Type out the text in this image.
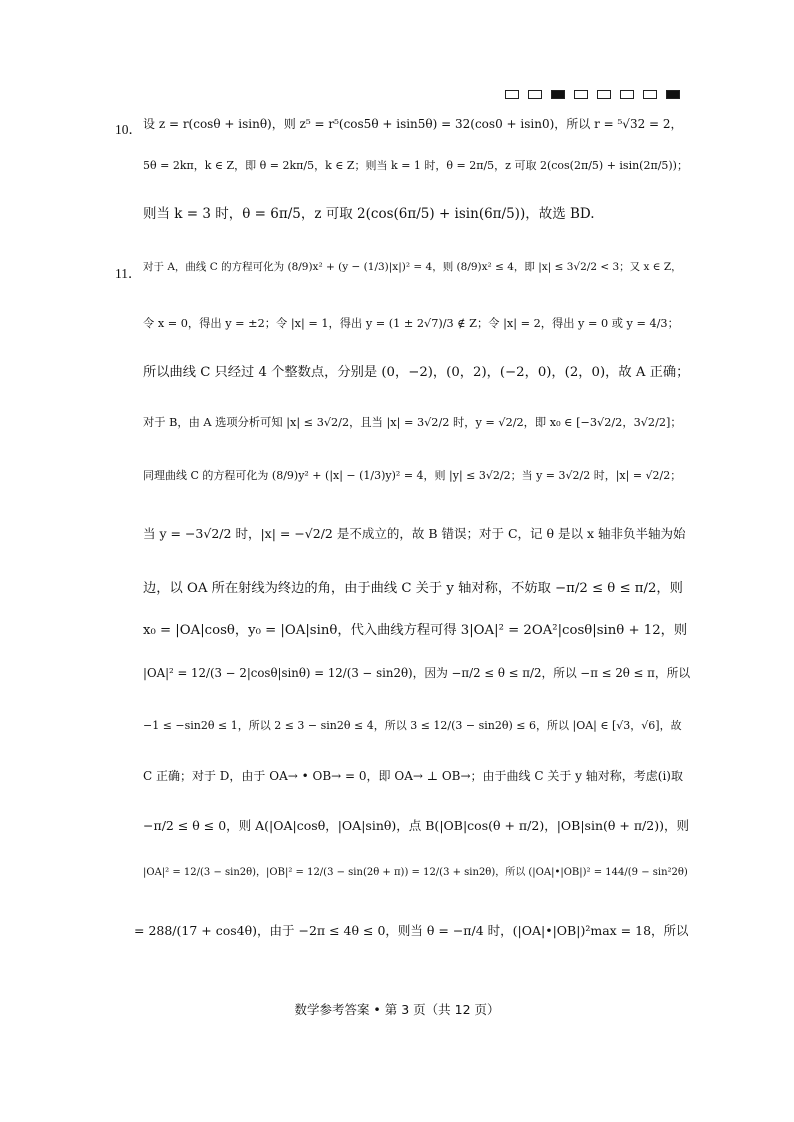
10． 设 z = r(cosθ + isinθ)，则 z⁵ = r⁵(cos5θ + isin5θ) = 32(cos0 + isin0)，所以 r = ⁵√32 = 2，
5θ = 2kπ，k ∈ Z，即 θ = 2kπ/5，k ∈ Z；则当 k = 1 时，θ = 2π/5，z 可取 2(cos(2π/5) + isin(2π/5))；
则当 k = 3 时，θ = 6π/5，z 可取 2(cos(6π/5) + isin(6π/5))，故选 BD.
11． 对于 A，曲线 C 的方程可化为 (8/9)x² + (y − (1/3)|x|)² = 4，则 (8/9)x² ≤ 4，即 |x| ≤ 3√2/2 < 3；又 x ∈ Z，
令 x = 0，得出 y = ±2；令 |x| = 1，得出 y = (1 ± 2√7)/3 ∉ Z；令 |x| = 2，得出 y = 0 或 y = 4/3；
所以曲线 C 只经过 4 个整数点，分别是 (0，−2)，(0，2)，(−2，0)，(2，0)，故 A 正确；
对于 B，由 A 选项分析可知 |x| ≤ 3√2/2，且当 |x| = 3√2/2 时，y = √2/2，即 x₀ ∈ [−3√2/2，3√2/2]；
同理曲线 C 的方程可化为 (8/9)y² + (|x| − (1/3)y)² = 4，则 |y| ≤ 3√2/2；当 y = 3√2/2 时，|x| = √2/2；
当 y = −3√2/2 时，|x| = −√2/2 是不成立的，故 B 错误；对于 C，记 θ 是以 x 轴非负半轴为始
边，以 OA 所在射线为终边的角，由于曲线 C 关于 y 轴对称，不妨取 −π/2 ≤ θ ≤ π/2，则
x₀ = |OA|cosθ，y₀ = |OA|sinθ，代入曲线方程可得 3|OA|² = 2OA²|cosθ|sinθ + 12，则
|OA|² = 12/(3 − 2|cosθ|sinθ) = 12/(3 − sin2θ)，因为 −π/2 ≤ θ ≤ π/2，所以 −π ≤ 2θ ≤ π，所以
−1 ≤ −sin2θ ≤ 1，所以 2 ≤ 3 − sin2θ ≤ 4，所以 3 ≤ 12/(3 − sin2θ) ≤ 6，所以 |OA| ∈ [√3，√6]，故
C 正确；对于 D，由于 OA→ • OB→ = 0，即 OA→ ⊥ OB→；由于曲线 C 关于 y 轴对称，考虑(ⅰ)取
−π/2 ≤ θ ≤ 0，则 A(|OA|cosθ，|OA|sinθ)，点 B(|OB|cos(θ + π/2)，|OB|sin(θ + π/2))，则
|OA|² = 12/(3 − sin2θ)，|OB|² = 12/(3 − sin(2θ + π)) = 12/(3 + sin2θ)，所以 (|OA|•|OB|)² = 144/(9 − sin²2θ)
= 288/(17 + cos4θ)，由于 −2π ≤ 4θ ≤ 0，则当 θ = −π/4 时，(|OA|•|OB|)²max = 18，所以
数学参考答案 • 第 3 页（共 12 页）
